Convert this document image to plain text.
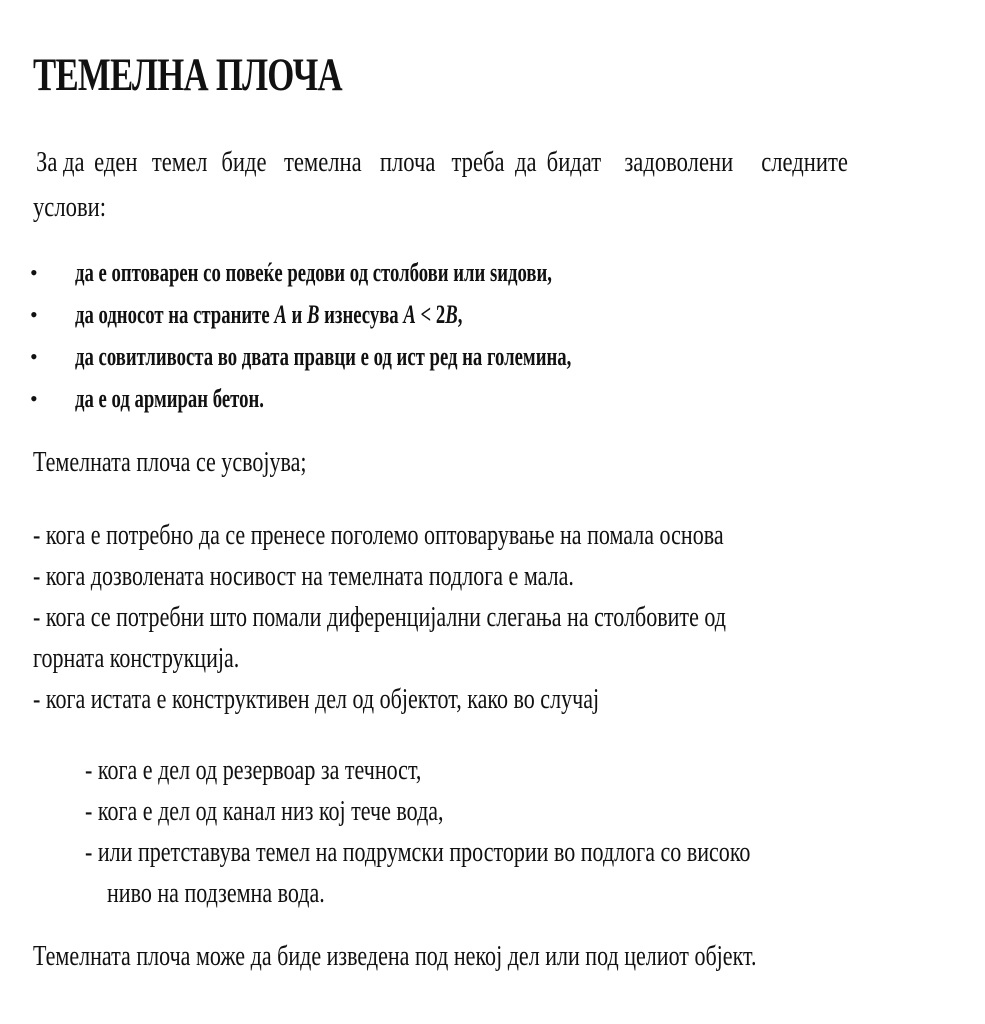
ТЕМЕЛНА ПЛОЧА
За да еден темел биде темелна плоча треба да бидат задоволени следните
услови:
• да е оптоварен со повеќе редови од столбови или ѕидови,
• да односот на страните A и B изнесува A < 2B,
• да совитливоста во двата правци е од ист ред на големина,
• да е од армиран бетон.
Темелната плоча се усвојува;
- кога е потребно да се пренесе поголемо оптоварување на помала основа
- кога дозволената носивост на темелната подлога е мала.
- кога се потребни што помали диференцијални слегања на столбовите од
горната конструкција.
- кога истата е конструктивен дел од објектот, како во случај
- кога е дел од резервоар за течност,
- кога е дел од канал низ кој тече вода,
- или претставува темел на подрумски простории во подлога со високо
ниво на подземна вода.
Темелната плоча може да биде изведена под некој дел или под целиот објект.
